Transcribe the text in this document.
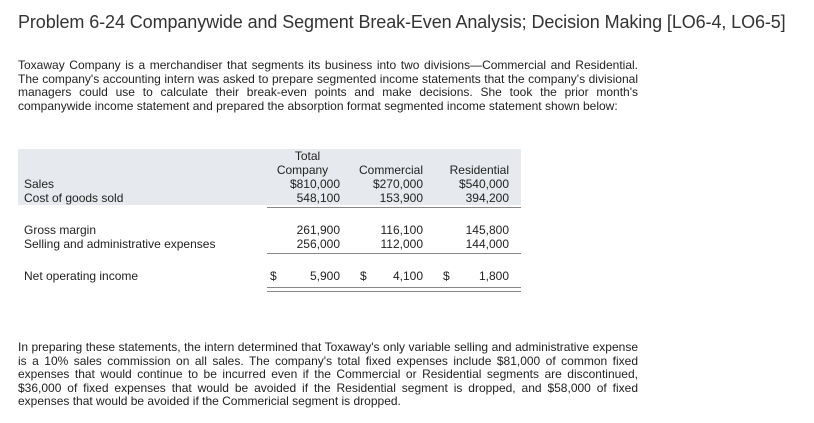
Problem 6-24 Companywide and Segment Break-Even Analysis; Decision Making [LO6-4, LO6-5]

Toxaway Company is a merchandiser that segments its business into two divisions—Commercial and Residential. The company's accounting intern was asked to prepare segmented income statements that the company's divisional managers could use to calculate their break-even points and make decisions. She took the prior month's companywide income statement and prepared the absorption format segmented income statement shown below:

	Total
Company	Commercial	Residential
Sales	$810,000	$270,000	$540,000
Cost of goods sold	548,100	153,900	394,200

Gross margin	261,900	116,100	145,800
Selling and administrative expenses	256,000	112,000	144,000

Net operating income	$ 5,900	$ 4,100	$ 1,800

In preparing these statements, the intern determined that Toxaway's only variable selling and administrative expense is a 10% sales commission on all sales. The company's total fixed expenses include $81,000 of common fixed expenses that would continue to be incurred even if the Commercial or Residential segments are discontinued, $36,000 of fixed expenses that would be avoided if the Residential segment is dropped, and $58,000 of fixed expenses that would be avoided if the Commericial segment is dropped.
